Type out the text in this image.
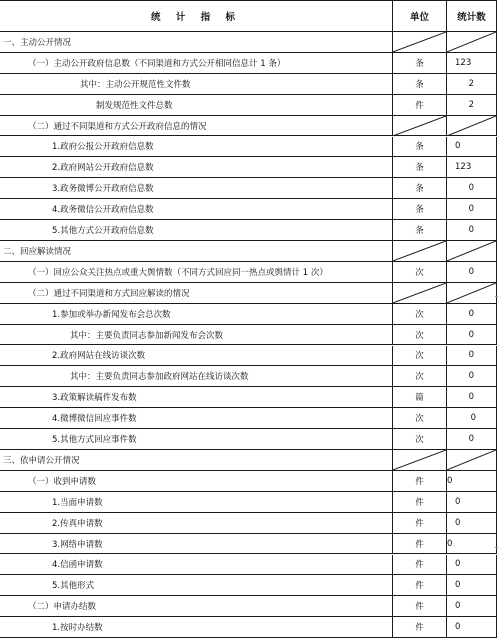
统 计 指 标	单位	统计数
一、主动公开情况
（一）主动公开政府信息数（不同渠道和方式公开相同信息计 1 条）	条	123
其中：主动公开规范性文件数	条	2
制发规范性文件总数	件	2
（二）通过不同渠道和方式公开政府信息的情况
1.政府公报公开政府信息数	条	0
2.政府网站公开政府信息数	条	123
3.政务微博公开政府信息数	条	0
4.政务微信公开政府信息数	条	0
5.其他方式公开政府信息数	条	0
二、回应解读情况
（一）回应公众关注热点或重大舆情数（不同方式回应同一热点或舆情计 1 次）	次	0
（二）通过不同渠道和方式回应解读的情况
1.参加或举办新闻发布会总次数	次	0
其中：主要负责同志参加新闻发布会次数	次	0
2.政府网站在线访谈次数	次	0
其中：主要负责同志参加政府网站在线访谈次数	次	0
3.政策解读稿件发布数	篇	0
4.微博微信回应事件数	次	0
5.其他方式回应事件数	次	0
三、依申请公开情况
（一）收到申请数	件	0
1.当面申请数	件	0
2.传真申请数	件	0
3.网络申请数	件	0
4.信函申请数	件	0
5.其他形式	件	0
（二）申请办结数	件	0
1.按时办结数	件	0
